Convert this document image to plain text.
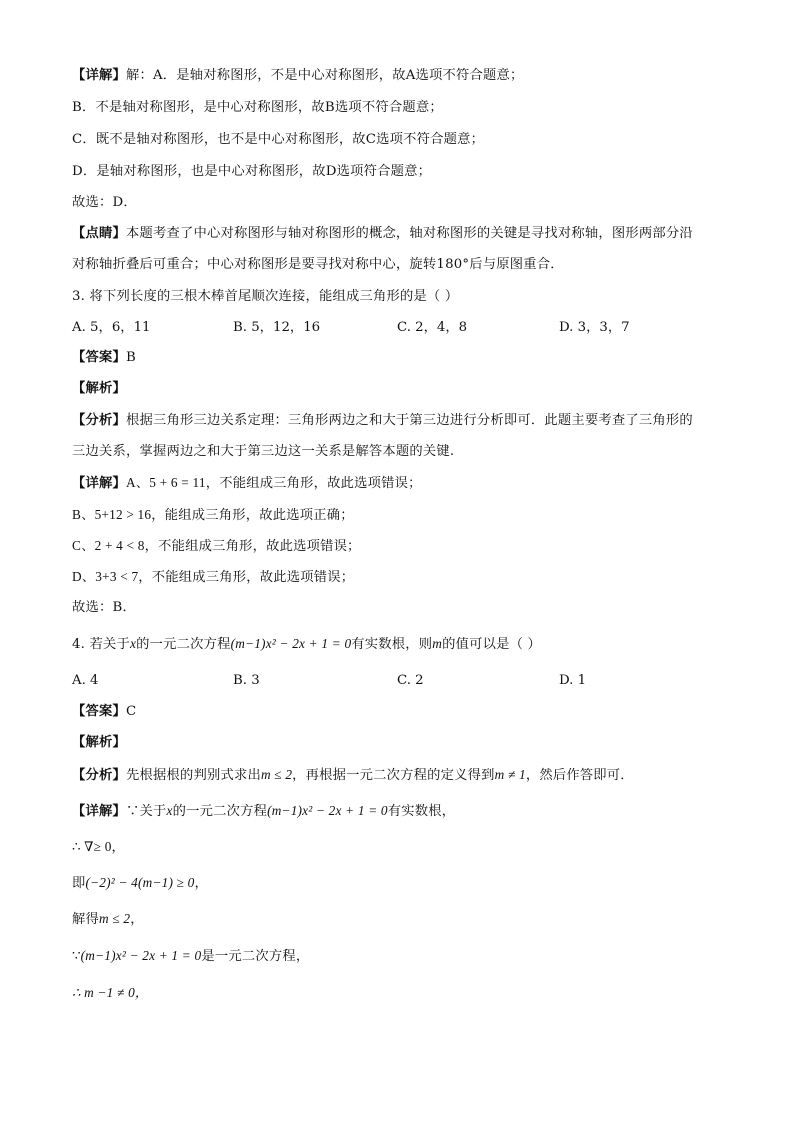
【详解】解：A．是轴对称图形，不是中心对称图形，故A选项不符合题意；
B．不是轴对称图形，是中心对称图形，故B选项不符合题意；
C．既不是轴对称图形，也不是中心对称图形，故C选项不符合题意；
D．是轴对称图形，也是中心对称图形，故D选项符合题意；
故选：D．
【点睛】本题考查了中心对称图形与轴对称图形的概念，轴对称图形的关键是寻找对称轴，图形两部分沿
对称轴折叠后可重合；中心对称图形是要寻找对称中心，旋转180°后与原图重合．
3. 将下列长度的三根木棒首尾顺次连接，能组成三角形的是（ ）
A. 5，6，11	B. 5，12，16	C. 2，4，8	D. 3，3，7
【答案】B
【解析】
【分析】根据三角形三边关系定理：三角形两边之和大于第三边进行分析即可．此题主要考查了三角形的
三边关系，掌握两边之和大于第三边这一关系是解答本题的关键.
【详解】A、5 + 6 = 11，不能组成三角形，故此选项错误；
B、5+12 > 16，能组成三角形，故此选项正确；
C、2 + 4 < 8，不能组成三角形，故此选项错误；
D、3+3 < 7，不能组成三角形，故此选项错误；
故选：B．
4. 若关于x的一元二次方程(m−1)x² − 2x + 1 = 0有实数根，则m的值可以是（ ）
A. 4	B. 3	C. 2	D. 1
【答案】C
【解析】
【分析】先根据根的判别式求出m ≤ 2，再根据一元二次方程的定义得到m ≠ 1，然后作答即可．
【详解】∵关于x的一元二次方程(m−1)x² − 2x + 1 = 0有实数根，
∴ ∇≥ 0，
即(−2)² − 4(m−1) ≥ 0，
解得m ≤ 2，
∵(m−1)x² − 2x + 1 = 0是一元二次方程，
∴ m −1 ≠ 0，
